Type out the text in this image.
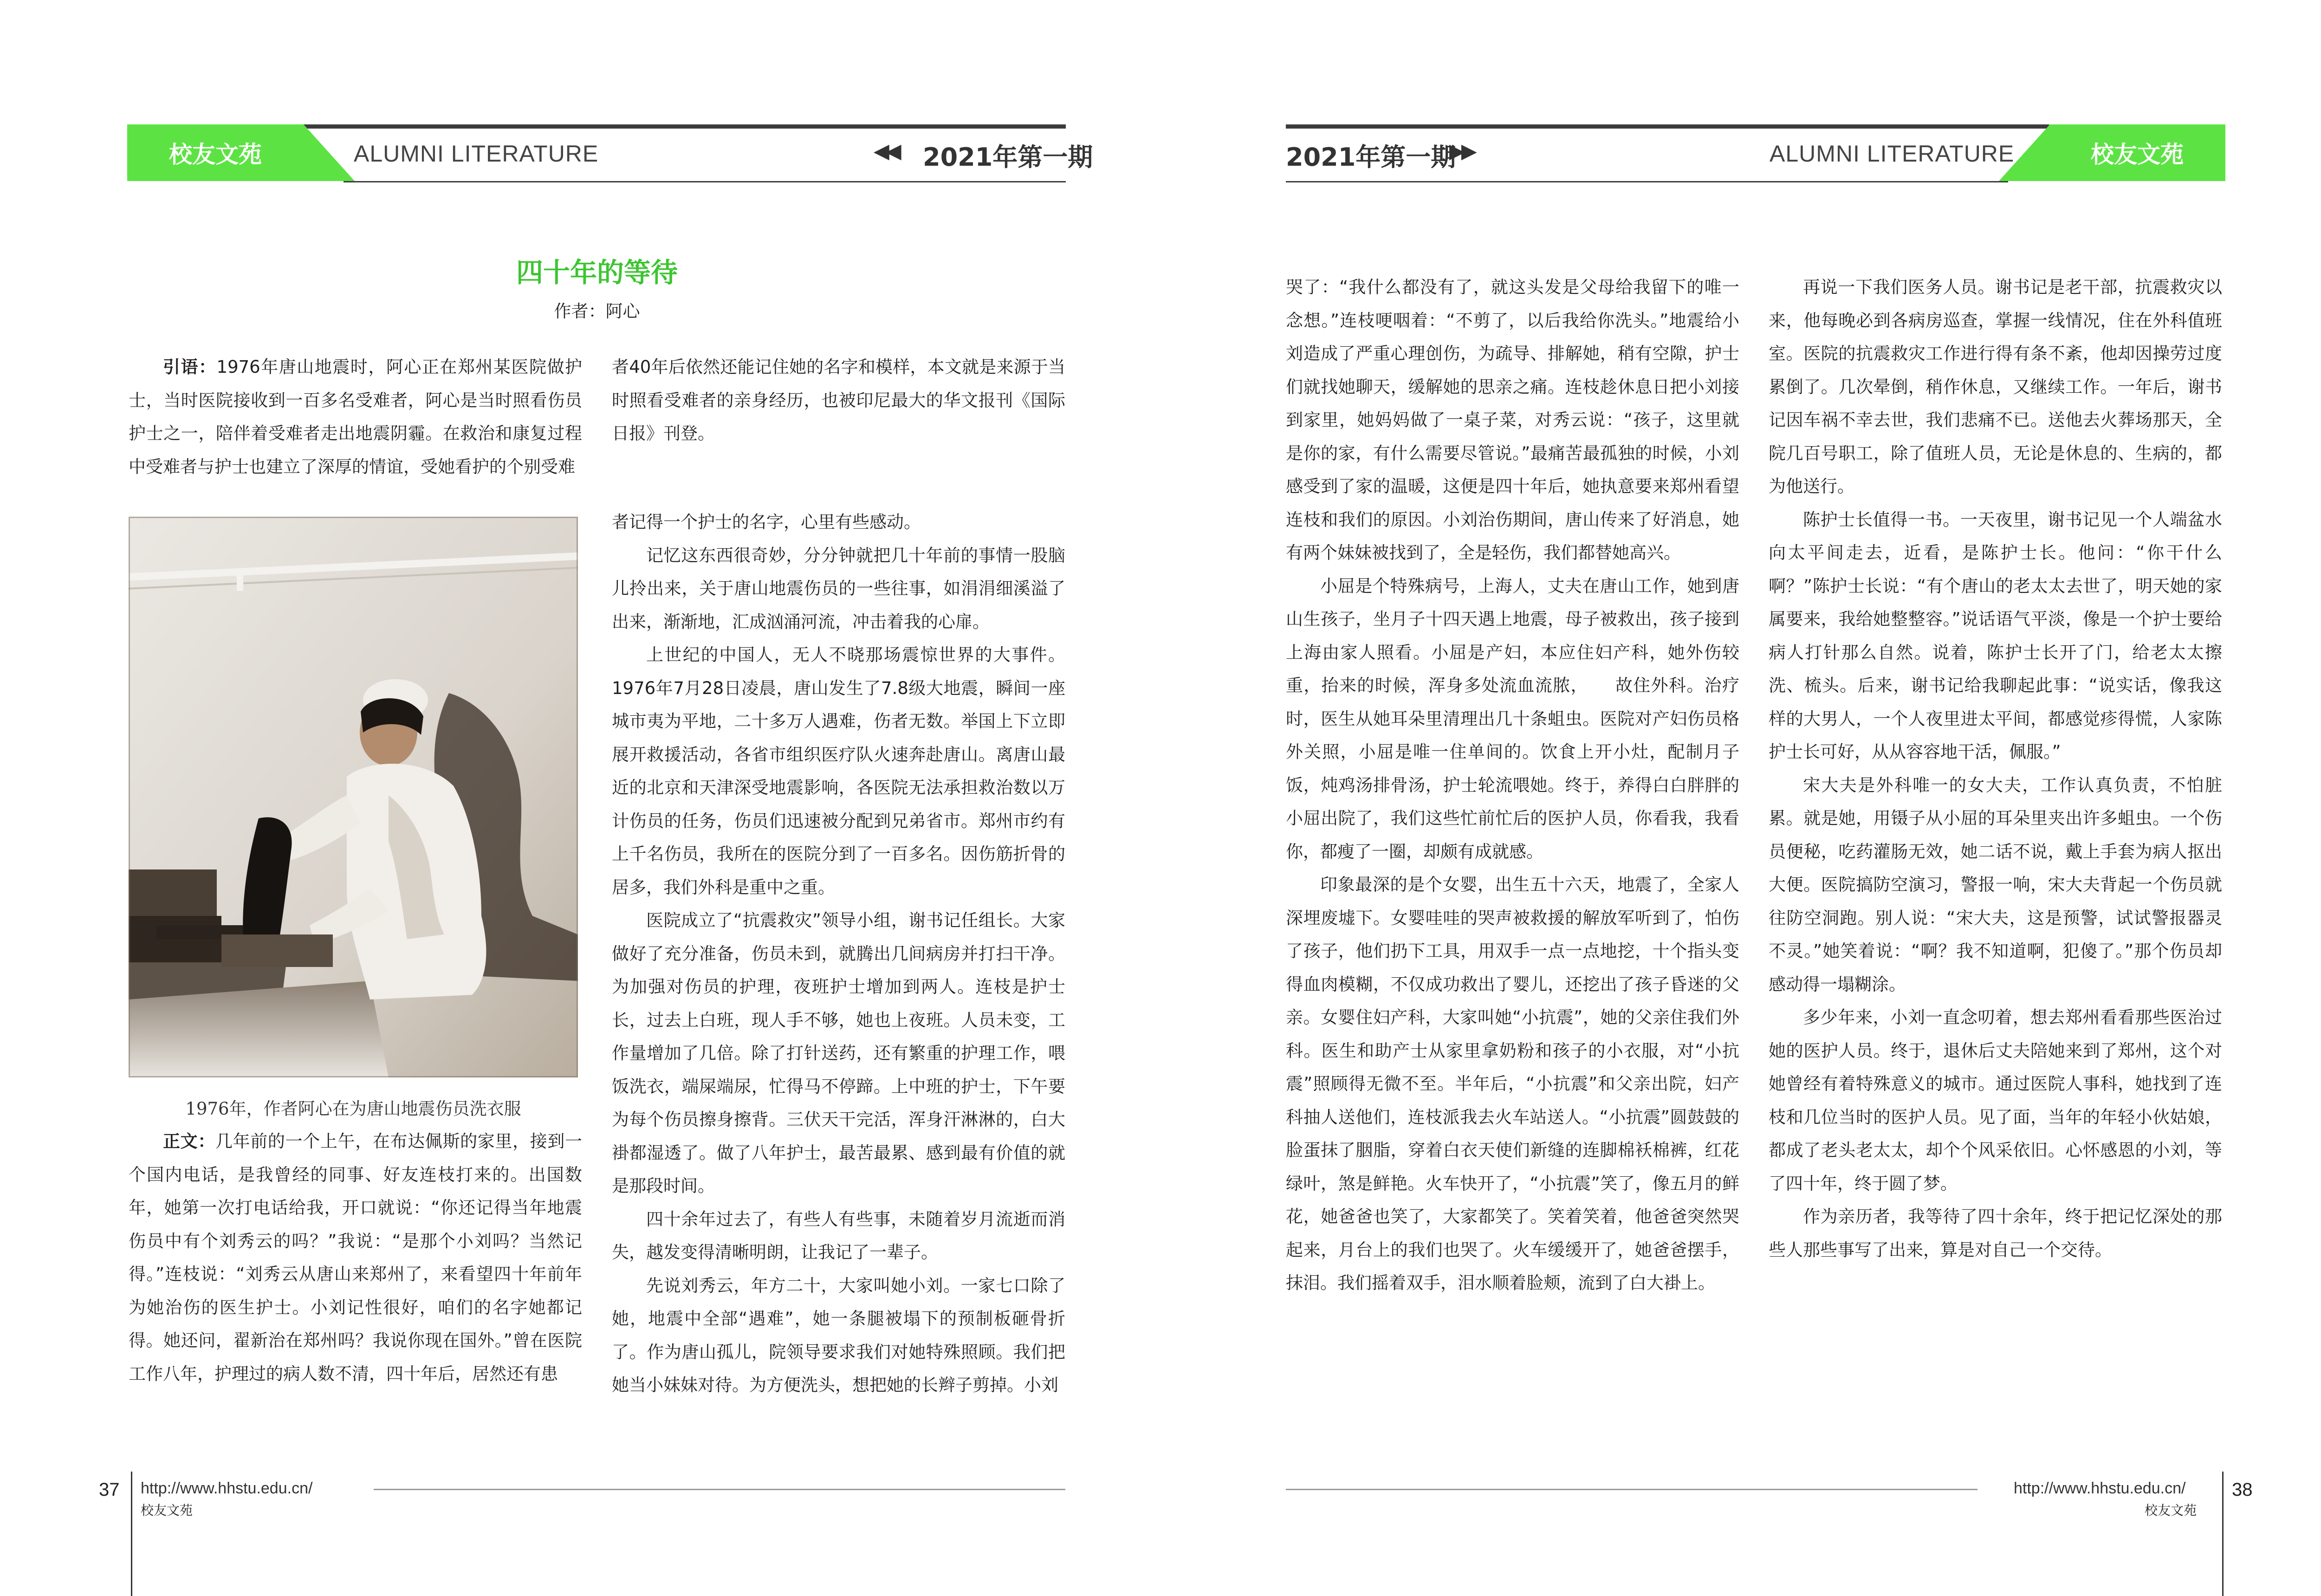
校友文苑	ALUMNI LITERATURE	◀◀ 2021年第一期
四十年的等待
作者：阿心

引语：1976年唐山地震时，阿心正在郑州某医院做护士，当时医院接收到一百多名受难者，阿心是当时照看伤员护士之一，陪伴着受难者走出地震阴霾。在救治和康复过程中受难者与护士也建立了深厚的情谊，受她看护的个别受难

者40年后依然还能记住她的名字和模样，本文就是来源于当时照看受难者的亲身经历，也被印尼最大的华文报刊《国际日报》刊登。

1976年，作者阿心在为唐山地震伤员洗衣服

正文：几年前的一个上午，在布达佩斯的家里，接到一个国内电话，是我曾经的同事、好友连枝打来的。出国数年，她第一次打电话给我，开口就说：“你还记得当年地震伤员中有个刘秀云的吗？”我说：“是那个小刘吗？当然记得。”连枝说：“刘秀云从唐山来郑州了，来看望四十年前年为她治伤的医生护士。小刘记性很好，咱们的名字她都记得。她还问，翟新治在郑州吗？我说你现在国外。”曾在医院工作八年，护理过的病人数不清，四十年后，居然还有患

者记得一个护士的名字，心里有些感动。

记忆这东西很奇妙，分分钟就把几十年前的事情一股脑儿拎出来，关于唐山地震伤员的一些往事，如涓涓细溪溢了出来，渐渐地，汇成汹涌河流，冲击着我的心扉。

上世纪的中国人，无人不晓那场震惊世界的大事件。1976年7月28日凌晨，唐山发生了7.8级大地震，瞬间一座城市夷为平地，二十多万人遇难，伤者无数。举国上下立即展开救援活动，各省市组织医疗队火速奔赴唐山。离唐山最近的北京和天津深受地震影响，各医院无法承担救治数以万计伤员的任务，伤员们迅速被分配到兄弟省市。郑州市约有上千名伤员，我所在的医院分到了一百多名。因伤筋折骨的居多，我们外科是重中之重。

医院成立了“抗震救灾”领导小组，谢书记任组长。大家做好了充分准备，伤员未到，就腾出几间病房并打扫干净。为加强对伤员的护理，夜班护士增加到两人。连枝是护士长，过去上白班，现人手不够，她也上夜班。人员未变，工作量增加了几倍。除了打针送药，还有繁重的护理工作，喂饭洗衣，端屎端尿，忙得马不停蹄。上中班的护士，下午要为每个伤员擦身擦背。三伏天干完活，浑身汗淋淋的，白大褂都湿透了。做了八年护士，最苦最累、感到最有价值的就是那段时间。

四十余年过去了，有些人有些事，未随着岁月流逝而消失，越发变得清晰明朗，让我记了一辈子。

先说刘秀云，年方二十，大家叫她小刘。一家七口除了她，地震中全部“遇难”，她一条腿被塌下的预制板砸骨折了。作为唐山孤儿，院领导要求我们对她特殊照顾。我们把她当小妹妹对待。为方便洗头，想把她的长辫子剪掉。小刘

37 http://www.hhstu.edu.cn/
校友文苑
2021年第一期
▶▶	ALUMNI LITERATURE	校友文苑

哭了：“我什么都没有了，就这头发是父母给我留下的唯一念想。”连枝哽咽着：“不剪了，以后我给你洗头。”地震给小刘造成了严重心理创伤，为疏导、排解她，稍有空隙，护士们就找她聊天，缓解她的思亲之痛。连枝趁休息日把小刘接到家里，她妈妈做了一桌子菜，对秀云说：“孩子，这里就是你的家，有什么需要尽管说。”最痛苦最孤独的时候，小刘感受到了家的温暖，这便是四十年后，她执意要来郑州看望连枝和我们的原因。小刘治伤期间，唐山传来了好消息，她有两个妹妹被找到了，全是轻伤，我们都替她高兴。

小屈是个特殊病号，上海人，丈夫在唐山工作，她到唐山生孩子，坐月子十四天遇上地震，母子被救出，孩子接到上海由家人照看。小屈是产妇，本应住妇产科，她外伤较重，抬来的时候，浑身多处流血流脓，　　故住外科。治疗时，医生从她耳朵里清理出几十条蛆虫。医院对产妇伤员格外关照，小屈是唯一住单间的。饮食上开小灶，配制月子饭，炖鸡汤排骨汤，护士轮流喂她。终于，养得白白胖胖的小屈出院了，我们这些忙前忙后的医护人员，你看我，我看你，都瘦了一圈，却颇有成就感。

印象最深的是个女婴，出生五十六天，地震了，全家人深埋废墟下。女婴哇哇的哭声被救援的解放军听到了，怕伤了孩子，他们扔下工具，用双手一点一点地挖，十个指头变得血肉模糊，不仅成功救出了婴儿，还挖出了孩子昏迷的父亲。女婴住妇产科，大家叫她“小抗震”，她的父亲住我们外科。医生和助产士从家里拿奶粉和孩子的小衣服，对“小抗震”照顾得无微不至。半年后，“小抗震”和父亲出院，妇产科抽人送他们，连枝派我去火车站送人。“小抗震”圆鼓鼓的脸蛋抹了胭脂，穿着白衣天使们新缝的连脚棉袄棉裤，红花绿叶，煞是鲜艳。火车快开了，“小抗震”笑了，像五月的鲜花，她爸爸也笑了，大家都笑了。笑着笑着，他爸爸突然哭起来，月台上的我们也哭了。火车缓缓开了，她爸爸摆手，抹泪。我们摇着双手，泪水顺着脸颊，流到了白大褂上。

再说一下我们医务人员。谢书记是老干部，抗震救灾以来，他每晚必到各病房巡查，掌握一线情况，住在外科值班室。医院的抗震救灾工作进行得有条不紊，他却因操劳过度累倒了。几次晕倒，稍作休息，又继续工作。一年后，谢书记因车祸不幸去世，我们悲痛不已。送他去火葬场那天，全院几百号职工，除了值班人员，无论是休息的、生病的，都为他送行。

陈护士长值得一书。一天夜里，谢书记见一个人端盆水向太平间走去，近看，是陈护士长。他问：“你干什么啊？”陈护士长说：“有个唐山的老太太去世了，明天她的家属要来，我给她整整容。”说话语气平淡，像是一个护士要给病人打针那么自然。说着，陈护士长开了门，给老太太擦洗、梳头。后来，谢书记给我聊起此事：“说实话，像我这样的大男人，一个人夜里进太平间，都感觉疹得慌，人家陈护士长可好，从从容容地干活，佩服。”

宋大夫是外科唯一的女大夫，工作认真负责，不怕脏累。就是她，用镊子从小屈的耳朵里夹出许多蛆虫。一个伤员便秘，吃药灌肠无效，她二话不说，戴上手套为病人抠出大便。医院搞防空演习，警报一响，宋大夫背起一个伤员就往防空洞跑。别人说：“宋大夫，这是预警，试试警报器灵不灵。”她笑着说：“啊？我不知道啊，犯傻了。”那个伤员却感动得一塌糊涂。

多少年来，小刘一直念叨着，想去郑州看看那些医治过她的医护人员。终于，退休后丈夫陪她来到了郑州，这个对她曾经有着特殊意义的城市。通过医院人事科，她找到了连枝和几位当时的医护人员。见了面，当年的年轻小伙姑娘，都成了老头老太太，却个个风采依旧。心怀感恩的小刘，等了四十年，终于圆了梦。

作为亲历者，我等待了四十余年，终于把记忆深处的那些人那些事写了出来，算是对自己一个交待。

http://www.hhstu.edu.cn/
校友文苑
38
